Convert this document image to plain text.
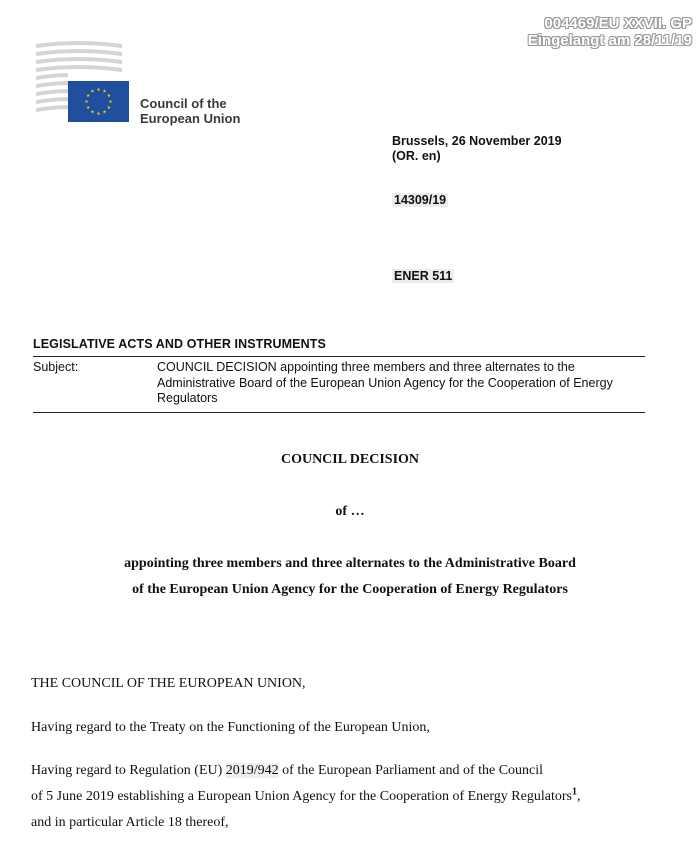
004469/EU XXVII. GP
Eingelangt am 28/11/19
Council of the
European Union
Brussels, 26 November 2019
(OR. en)
14309/19
ENER 511
LEGISLATIVE ACTS AND OTHER INSTRUMENTS
Subject:	COUNCIL DECISION appointing three members and three alternates to the Administrative Board of the European Union Agency for the Cooperation of Energy Regulators
COUNCIL DECISION
of …
appointing three members and three alternates to the Administrative Board
of the European Union Agency for the Cooperation of Energy Regulators
THE COUNCIL OF THE EUROPEAN UNION,
Having regard to the Treaty on the Functioning of the European Union,
Having regard to Regulation (EU) 2019/942 of the European Parliament and of the Council
of 5 June 2019 establishing a European Union Agency for the Cooperation of Energy Regulators$^1$,
and in particular Article 18 thereof,
